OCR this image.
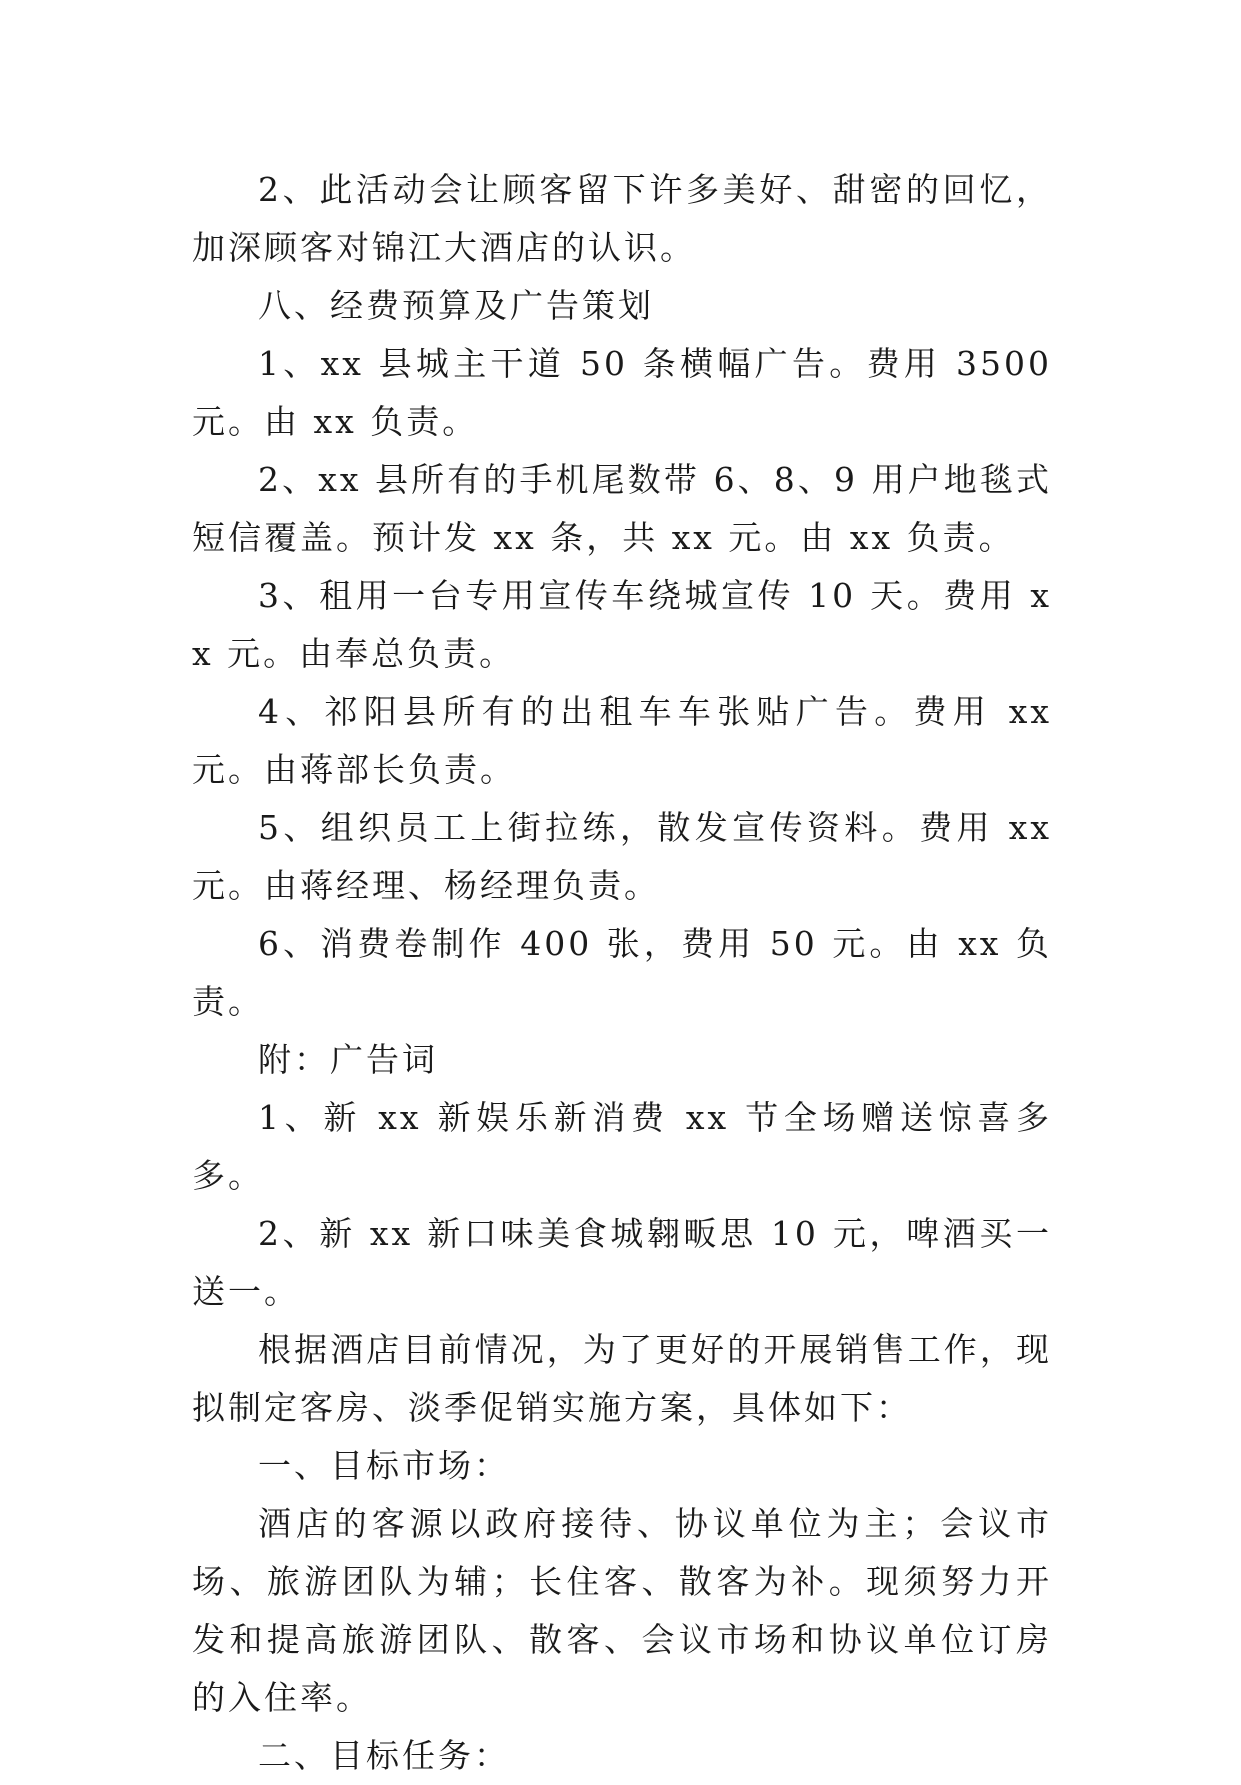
2、此活动会让顾客留下许多美好、甜密的回忆，加深顾客对锦江大酒店的认识。

八、经费预算及广告策划

1、xx 县城主干道 50 条横幅广告。费用 3500 元。由 xx 负责。

2、xx 县所有的手机尾数带 6、8、9 用户地毯式短信覆盖。预计发 xx 条，共 xx 元。由 xx 负责。

3、租用一台专用宣传车绕城宣传 10 天。费用 xx 元。由奉总负责。

4、祁阳县所有的出租车车张贴广告。费用 xx 元。由蒋部长负责。

5、组织员工上街拉练，散发宣传资料。费用 xx 元。由蒋经理、杨经理负责。

6、消费卷制作 400 张，费用 50 元。由 xx 负责。

附：广告词

1、新 xx 新娱乐新消费 xx 节全场赠送惊喜多多。

2、新 xx 新口味美食城翱畈思 10 元，啤酒买一送一。

根据酒店目前情况，为了更好的开展销售工作，现拟制定客房、淡季促销实施方案，具体如下：

一、目标市场：

酒店的客源以政府接待、协议单位为主；会议市场、旅游团队为辅；长住客、散客为补。现须努力开发和提高旅游团队、散客、会议市场和协议单位订房的入住率。

二、目标任务：
